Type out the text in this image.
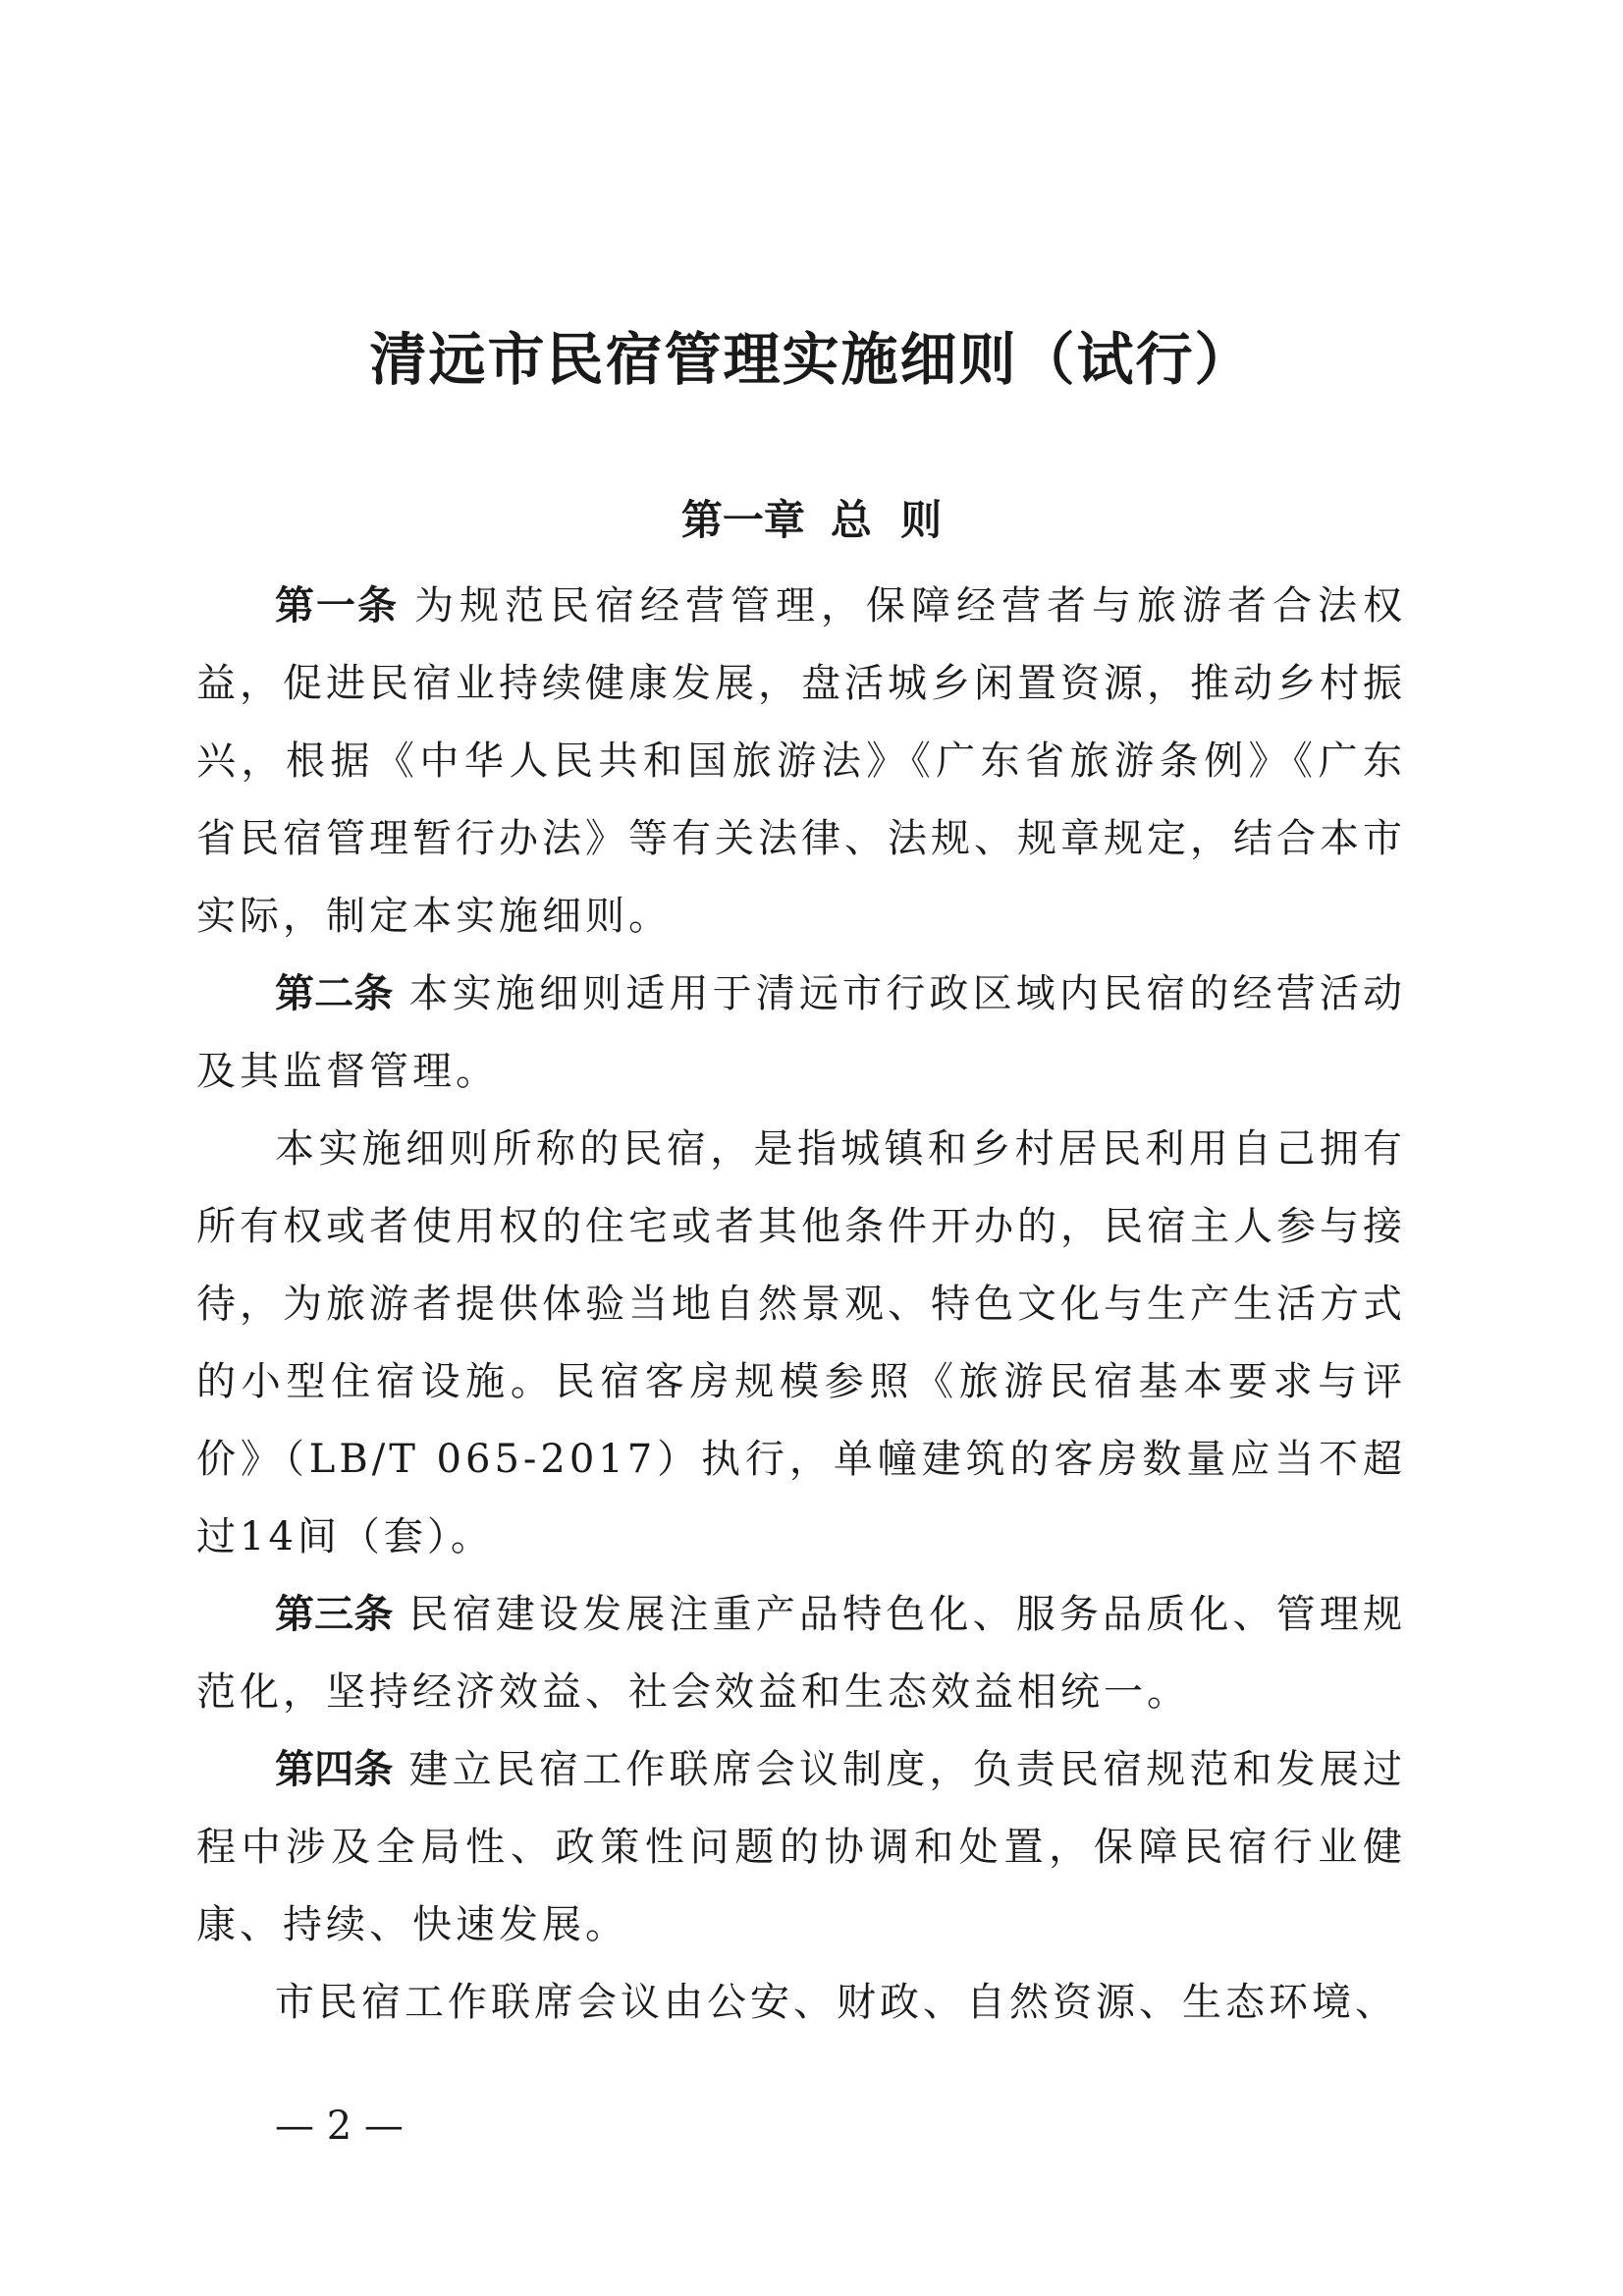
清远市民宿管理实施细则（试行）
第一章 总  则

第一条 为规范民宿经营管理，保障经营者与旅游者合法权益，促进民宿业持续健康发展，盘活城乡闲置资源，推动乡村振兴，根据《中华人民共和国旅游法》《广东省旅游条例》《广东省民宿管理暂行办法》等有关法律、法规、规章规定，结合本市实际，制定本实施细则。

第二条 本实施细则适用于清远市行政区域内民宿的经营活动及其监督管理。

本实施细则所称的民宿，是指城镇和乡村居民利用自己拥有所有权或者使用权的住宅或者其他条件开办的，民宿主人参与接待，为旅游者提供体验当地自然景观、特色文化与生产生活方式的小型住宿设施。民宿客房规模参照《旅游民宿基本要求与评价》（LB/T 065-2017）执行，单幢建筑的客房数量应当不超过14间（套）。

第三条 民宿建设发展注重产品特色化、服务品质化、管理规范化，坚持经济效益、社会效益和生态效益相统一。

第四条 建立民宿工作联席会议制度，负责民宿规范和发展过程中涉及全局性、政策性问题的协调和处置，保障民宿行业健康、持续、快速发展。

市民宿工作联席会议由公安、财政、自然资源、生态环境、

— 2 —
